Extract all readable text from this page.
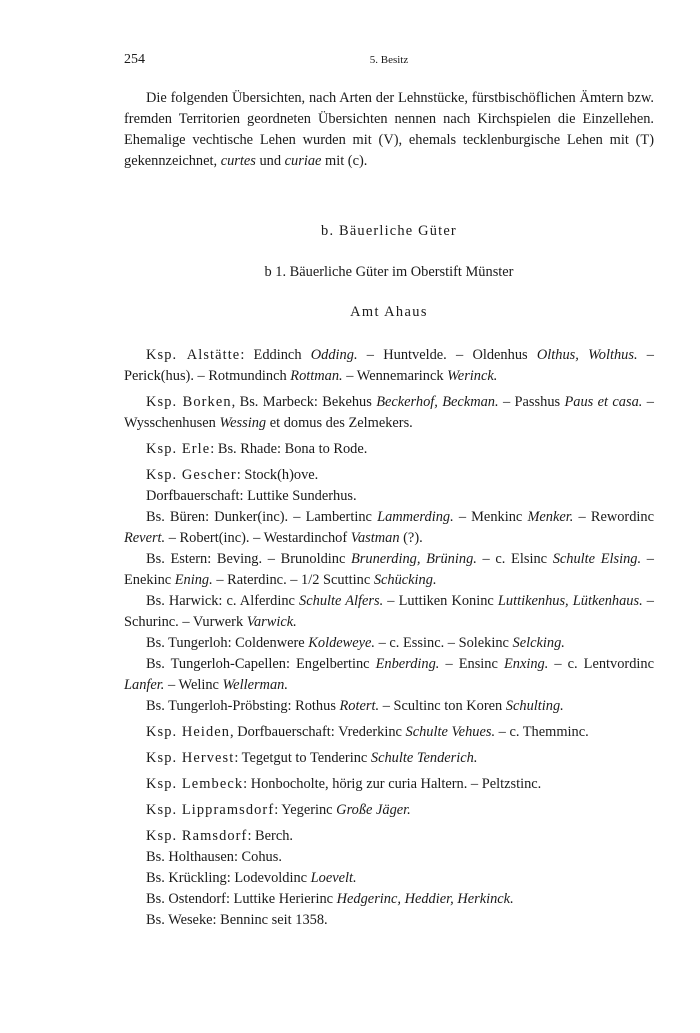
254	5. Besitz

Die folgenden Übersichten, nach Arten der Lehnstücke, fürstbischöflichen Ämtern bzw. fremden Territorien geordneten Übersichten nennen nach Kirchspielen die Einzellehen. Ehemalige vechtische Lehen wurden mit (V), ehemals tecklenburgische Lehen mit (T) gekennzeichnet, curtes und curiae mit (c).

b. Bäuerliche Güter
b 1. Bäuerliche Güter im Oberstift Münster
Amt Ahaus

Ksp. Alstätte: Eddinch Odding. – Huntvelde. – Oldenhus Olthus, Wolthus. – Perick(hus). – Rotmundinch Rottman. – Wennemarinck Werinck.

Ksp. Borken, Bs. Marbeck: Bekehus Beckerhof, Beckman. – Passhus Paus et casa. – Wysschenhusen Wessing et domus des Zelmekers.

Ksp. Erle: Bs. Rhade: Bona to Rode.

Ksp. Gescher: Stock(h)ove.

Dorfbauerschaft: Luttike Sunderhus.

Bs. Büren: Dunker(inc). – Lambertinc Lammerding. – Menkinc Menker. – Rewordinc Revert. – Robert(inc). – Westardinchof Vastman (?).

Bs. Estern: Beving. – Brunoldinc Brunerding, Brüning. – c. Elsinc Schulte Elsing. – Enekinc Ening. – Raterdinc. – 1/2 Scuttinc Schücking.

Bs. Harwick: c. Alferdinc Schulte Alfers. – Luttiken Koninc Luttikenhus, Lütkenhaus. – Schurinc. – Vurwerk Varwick.

Bs. Tungerloh: Coldenwere Koldeweye. – c. Essinc. – Solekinc Selcking.

Bs. Tungerloh-Capellen: Engelbertinc Enberding. – Ensinc Enxing. – c. Lentvordinc Lanfer. – Welinc Wellerman.

Bs. Tungerloh-Pröbsting: Rothus Rotert. – Scultinc ton Koren Schulting.

Ksp. Heiden, Dorfbauerschaft: Vrederkinc Schulte Vehues. – c. Themminc.

Ksp. Hervest: Tegetgut to Tenderinc Schulte Tenderich.

Ksp. Lembeck: Honbocholte, hörig zur curia Haltern. – Peltzstinc.

Ksp. Lippramsdorf: Yegerinc Große Jäger.

Ksp. Ramsdorf: Berch.

Bs. Holthausen: Cohus.

Bs. Krückling: Lodevoldinc Loevelt.

Bs. Ostendorf: Luttike Herierinc Hedgerinc, Heddier, Herkinck.

Bs. Weseke: Benninc seit 1358.
